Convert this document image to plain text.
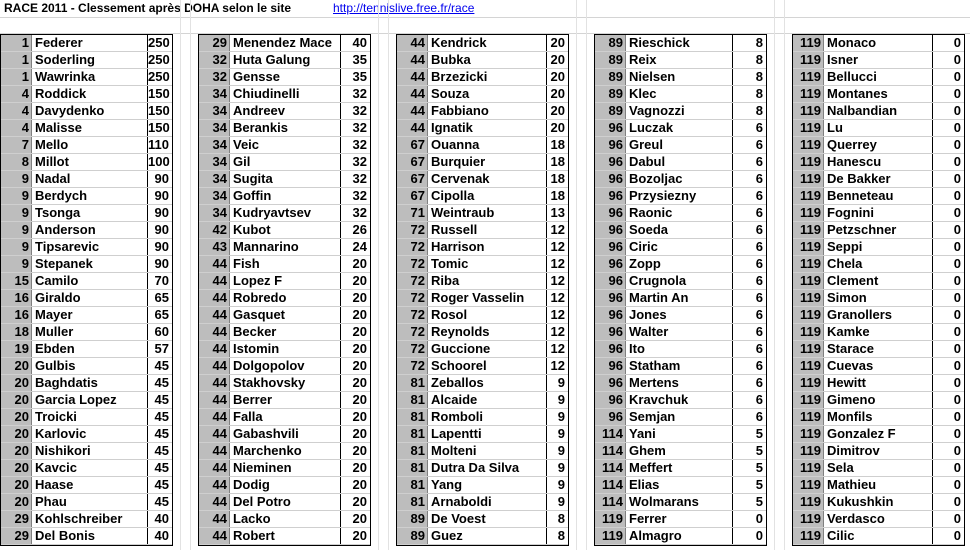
RACE 2011 - Clessement après DOHA selon le site	http://tennislive.free.fr/race
1 Federer	250
1 Soderling	250
1 Wawrinka	250
4 Roddick	150
4 Davydenko	150
4 Malisse	150
7 Mello	110
8 Millot	100
9 Nadal	90
9 Berdych	90
9 Tsonga	90
9 Anderson	90
9 Tipsarevic	90
9 Stepanek	90
15 Camilo	70
16 Giraldo	65
16 Mayer	65
18 Muller	60
19 Ebden	57
20 Gulbis	45
20 Baghdatis	45
20 Garcia Lopez	45
20 Troicki	45
20 Karlovic	45
20 Nishikori	45
20 Kavcic	45
20 Haase	45
20 Phau	45
29 Kohlschreiber	40
29 Del Bonis	40
29 Menendez Mace	40
32 Huta Galung	35
32 Gensse	35
34 Chiudinelli	32
34 Andreev	32
34 Berankis	32
34 Veic	32
34 Gil	32
34 Sugita	32
34 Goffin	32
34 Kudryavtsev	32
42 Kubot	26
43 Mannarino	24
44 Fish	20
44 Lopez F	20
44 Robredo	20
44 Gasquet	20
44 Becker	20
44 Istomin	20
44 Dolgopolov	20
44 Stakhovsky	20
44 Berrer	20
44 Falla	20
44 Gabashvili	20
44 Marchenko	20
44 Nieminen	20
44 Dodig	20
44 Del Potro	20
44 Lacko	20
44 Robert	20
44 Kendrick	20
44 Bubka	20
44 Brzezicki	20
44 Souza	20
44 Fabbiano	20
44 Ignatik	20
67 Ouanna	18
67 Burquier	18
67 Cervenak	18
67 Cipolla	18
71 Weintraub	13
72 Russell	12
72 Harrison	12
72 Tomic	12
72 Riba	12
72 Roger Vasselin	12
72 Rosol	12
72 Reynolds	12
72 Guccione	12
72 Schoorel	12
81 Zeballos	9
81 Alcaide	9
81 Romboli	9
81 Lapentti	9
81 Molteni	9
81 Dutra Da Silva	9
81 Yang	9
81 Arnaboldi	9
89 De Voest	8
89 Guez	8
89 Rieschick	8
89 Reix	8
89 Nielsen	8
89 Klec	8
89 Vagnozzi	8
96 Luczak	6
96 Greul	6
96 Dabul	6
96 Bozoljac	6
96 Przysiezny	6
96 Raonic	6
96 Soeda	6
96 Ciric	6
96 Zopp	6
96 Crugnola	6
96 Martin An	6
96 Jones	6
96 Walter	6
96 Ito	6
96 Statham	6
96 Mertens	6
96 Kravchuk	6
96 Semjan	6
114 Yani	5
114 Ghem	5
114 Meffert	5
114 Elias	5
114 Wolmarans	5
119 Ferrer	0
119 Almagro	0
119 Monaco	0
119 Isner	0
119 Bellucci	0
119 Montanes	0
119 Nalbandian	0
119 Lu	0
119 Querrey	0
119 Hanescu	0
119 De Bakker	0
119 Benneteau	0
119 Fognini	0
119 Petzschner	0
119 Seppi	0
119 Chela	0
119 Clement	0
119 Simon	0
119 Granollers	0
119 Kamke	0
119 Starace	0
119 Cuevas	0
119 Hewitt	0
119 Gimeno	0
119 Monfils	0
119 Gonzalez F	0
119 Dimitrov	0
119 Sela	0
119 Mathieu	0
119 Kukushkin	0
119 Verdasco	0
119 Cilic	0
